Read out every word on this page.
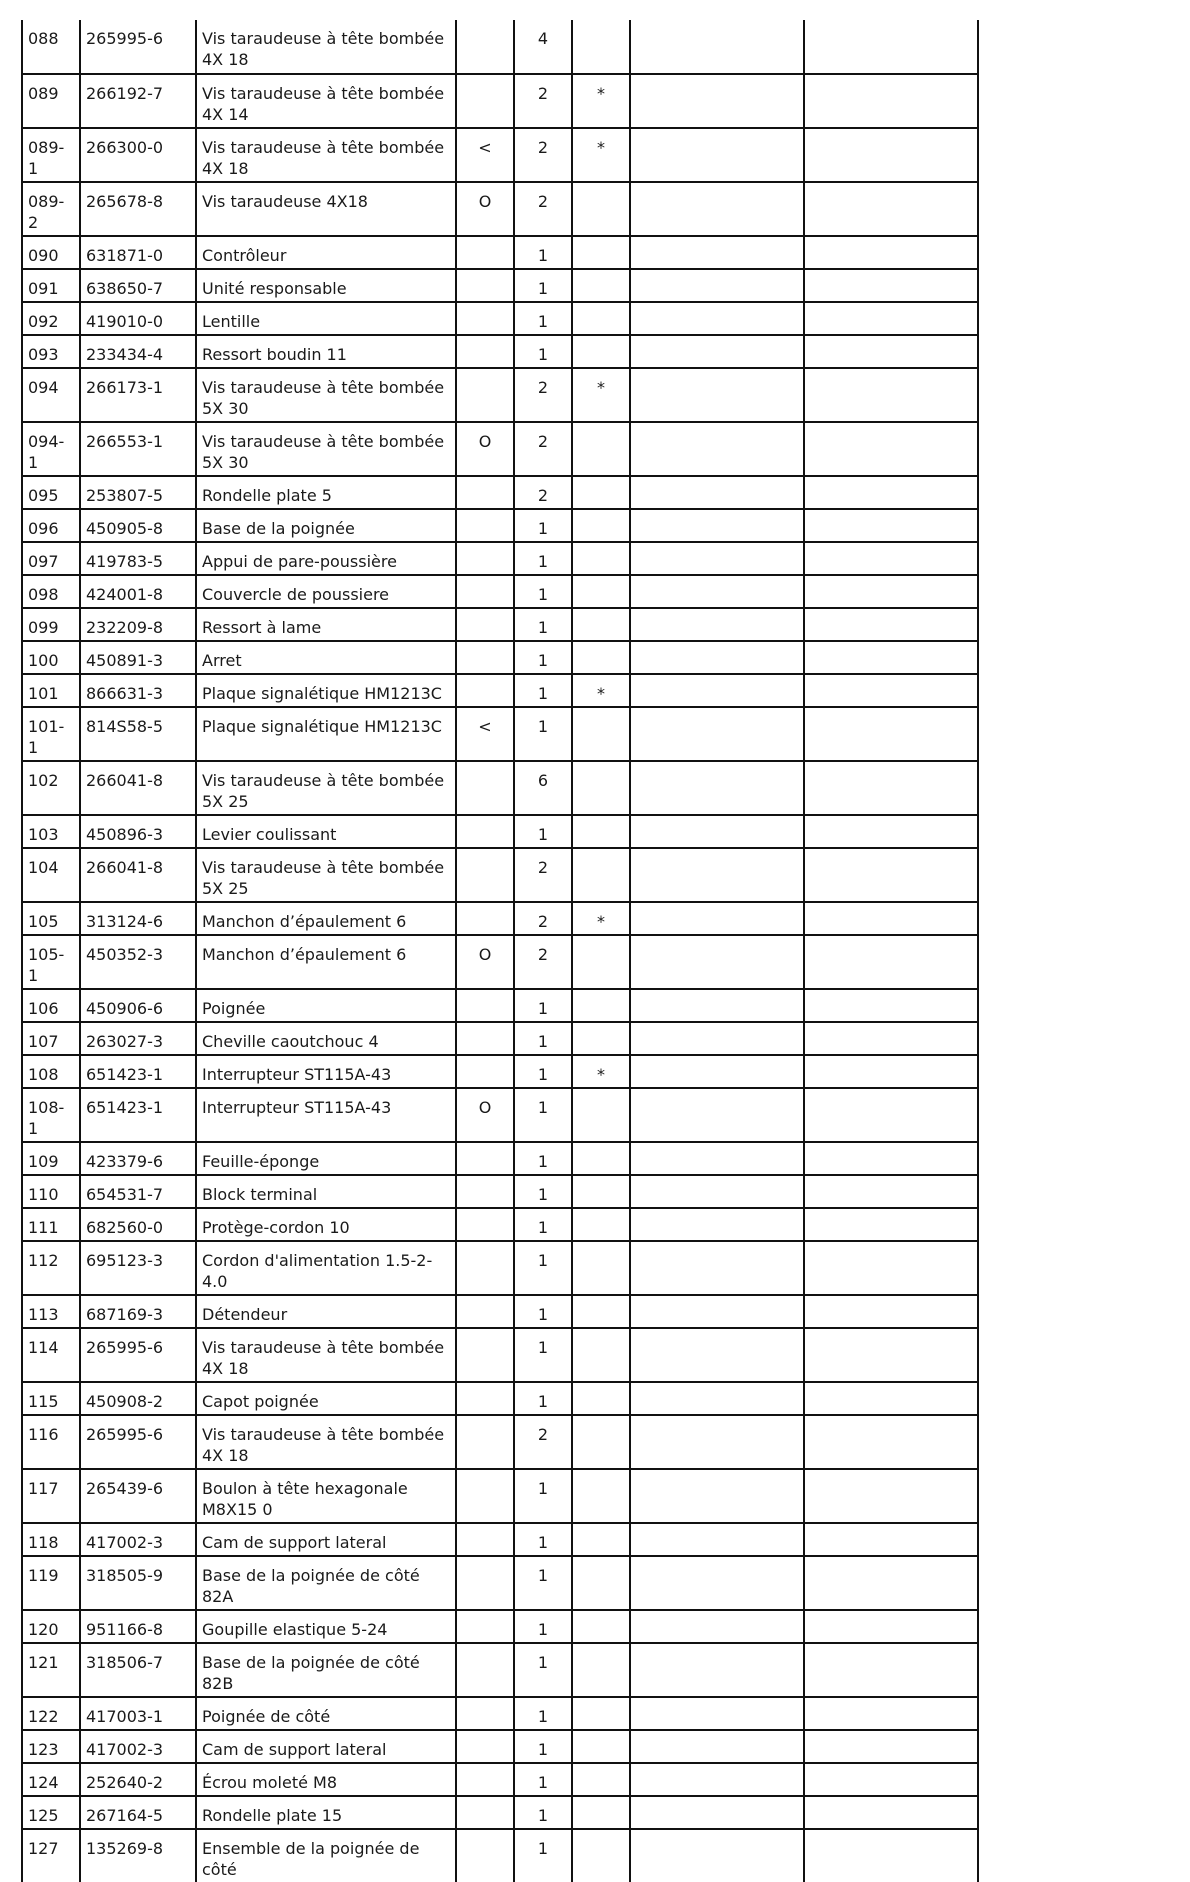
088	265995-6	Vis taraudeuse à tête bombée 4X 18		4			
089	266192-7	Vis taraudeuse à tête bombée 4X 14		2	*		
089-1	266300-0	Vis taraudeuse à tête bombée 4X 18	<	2	*		
089-2	265678-8	Vis taraudeuse 4X18	O	2			
090	631871-0	Contrôleur		1			
091	638650-7	Unité responsable		1			
092	419010-0	Lentille		1			
093	233434-4	Ressort boudin 11		1			
094	266173-1	Vis taraudeuse à tête bombée 5X 30		2	*		
094-1	266553-1	Vis taraudeuse à tête bombée 5X 30	O	2			
095	253807-5	Rondelle plate 5		2			
096	450905-8	Base de la poignée		1			
097	419783-5	Appui de pare-poussière		1			
098	424001-8	Couvercle de poussiere		1			
099	232209-8	Ressort à lame		1			
100	450891-3	Arret		1			
101	866631-3	Plaque signalétique HM1213C		1	*		
101-1	814S58-5	Plaque signalétique HM1213C	<	1			
102	266041-8	Vis taraudeuse à tête bombée 5X 25		6			
103	450896-3	Levier coulissant		1			
104	266041-8	Vis taraudeuse à tête bombée 5X 25		2			
105	313124-6	Manchon d’épaulement 6		2	*		
105-1	450352-3	Manchon d’épaulement 6	O	2			
106	450906-6	Poignée		1			
107	263027-3	Cheville caoutchouc 4		1			
108	651423-1	Interrupteur ST115A-43		1	*		
108-1	651423-1	Interrupteur ST115A-43	O	1			
109	423379-6	Feuille-éponge		1			
110	654531-7	Block terminal		1			
111	682560-0	Protège-cordon 10		1			
112	695123-3	Cordon d'alimentation 1.5-2-4.0		1			
113	687169-3	Détendeur		1			
114	265995-6	Vis taraudeuse à tête bombée 4X 18		1			
115	450908-2	Capot poignée		1			
116	265995-6	Vis taraudeuse à tête bombée 4X 18		2			
117	265439-6	Boulon à tête hexagonale M8X15 0		1			
118	417002-3	Cam de support lateral		1			
119	318505-9	Base de la poignée de côté 82A		1			
120	951166-8	Goupille elastique 5-24		1			
121	318506-7	Base de la poignée de côté 82B		1			
122	417003-1	Poignée de côté		1			
123	417002-3	Cam de support lateral		1			
124	252640-2	Écrou moleté M8		1			
125	267164-5	Rondelle plate 15		1			
127	135269-8	Ensemble de la poignée de côté		1			
